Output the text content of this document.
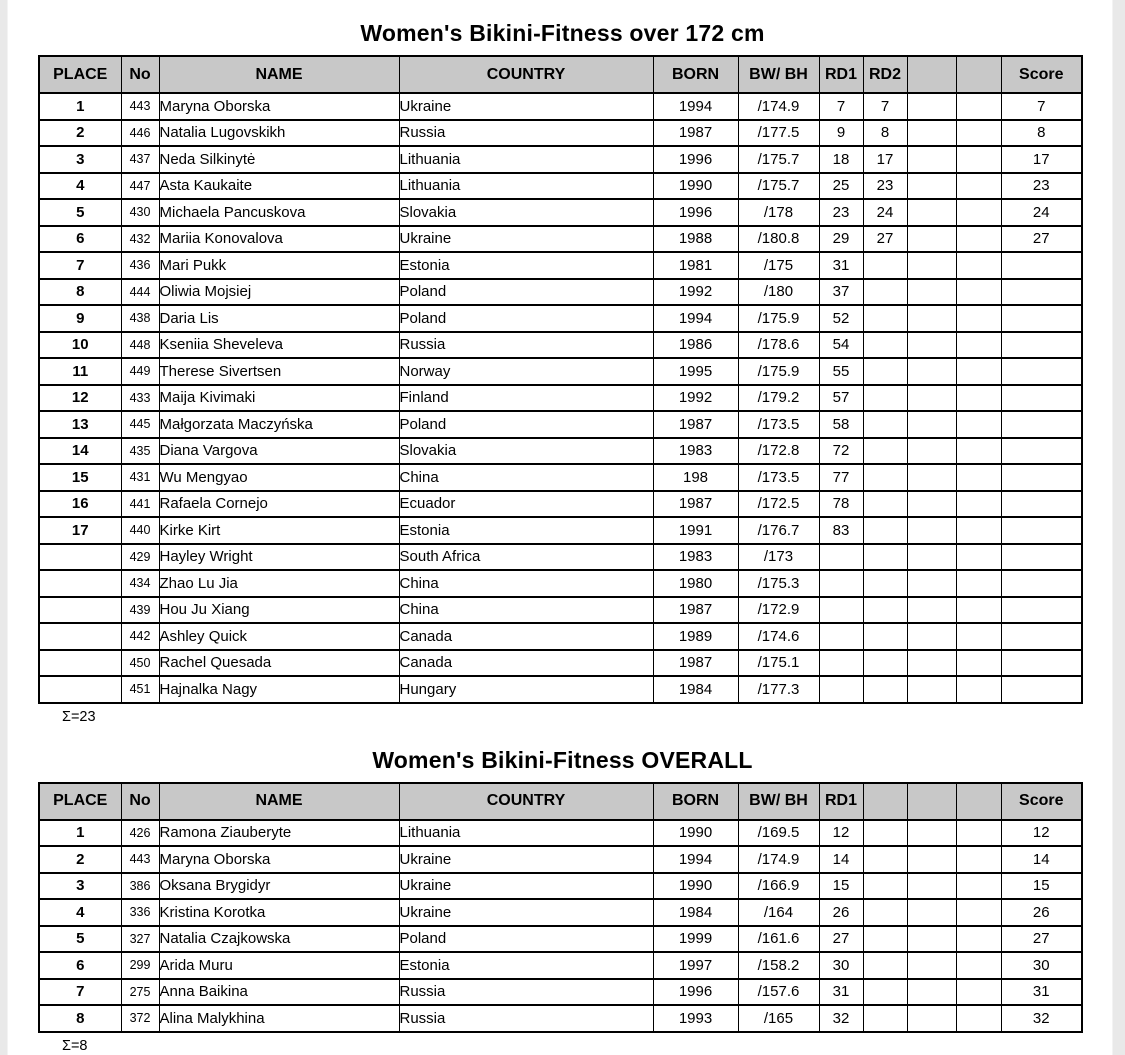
Women's Bikini-Fitness over 172 cm
PLACE	No	NAME	COUNTRY	BORN	BW/ BH	RD1	RD2			Score
1	443	Maryna Oborska	Ukraine	1994	/174.9	7	7			7
2	446	Natalia Lugovskikh	Russia	1987	/177.5	9	8			8
3	437	Neda Silkinytė	Lithuania	1996	/175.7	18	17			17
4	447	Asta Kaukaite	Lithuania	1990	/175.7	25	23			23
5	430	Michaela Pancuskova	Slovakia	1996	/178	23	24			24
6	432	Mariia Konovalova	Ukraine	1988	/180.8	29	27			27
7	436	Mari Pukk	Estonia	1981	/175	31				
8	444	Oliwia Mojsiej	Poland	1992	/180	37				
9	438	Daria Lis	Poland	1994	/175.9	52				
10	448	Kseniia Sheveleva	Russia	1986	/178.6	54				
11	449	Therese Sivertsen	Norway	1995	/175.9	55				
12	433	Maija Kivimaki	Finland	1992	/179.2	57				
13	445	Małgorzata Maczyńska	Poland	1987	/173.5	58				
14	435	Diana Vargova	Slovakia	1983	/172.8	72				
15	431	Wu Mengyao	China	198	/173.5	77				
16	441	Rafaela Cornejo	Ecuador	1987	/172.5	78				
17	440	Kirke Kirt	Estonia	1991	/176.7	83				
	429	Hayley Wright	South Africa	1983	/173					
	434	Zhao Lu Jia	China	1980	/175.3					
	439	Hou Ju Xiang	China	1987	/172.9					
	442	Ashley Quick	Canada	1989	/174.6					
	450	Rachel Quesada	Canada	1987	/175.1					
	451	Hajnalka Nagy	Hungary	1984	/177.3					
Σ=23
Women's Bikini-Fitness OVERALL
PLACE	No	NAME	COUNTRY	BORN	BW/ BH	RD1				Score
1	426	Ramona Ziauberyte	Lithuania	1990	/169.5	12				12
2	443	Maryna Oborska	Ukraine	1994	/174.9	14				14
3	386	Oksana Brygidyr	Ukraine	1990	/166.9	15				15
4	336	Kristina Korotka	Ukraine	1984	/164	26				26
5	327	Natalia Czajkowska	Poland	1999	/161.6	27				27
6	299	Arida Muru	Estonia	1997	/158.2	30				30
7	275	Anna Baikina	Russia	1996	/157.6	31				31
8	372	Alina Malykhina	Russia	1993	/165	32				32
Σ=8
